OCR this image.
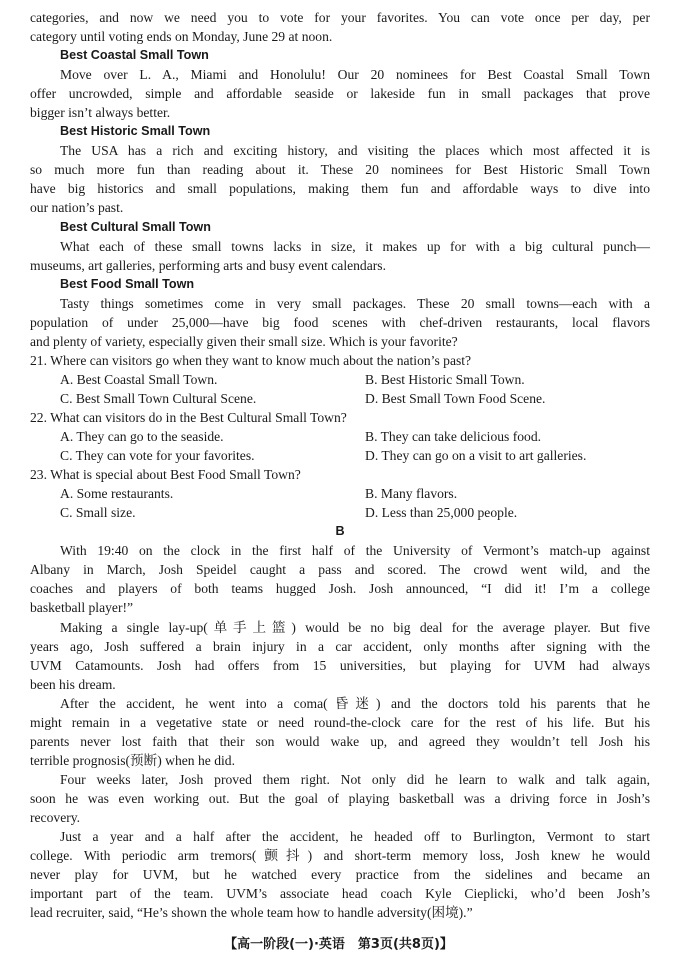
categories, and now we need you to vote for your favorites. You can vote once per day, per
category until voting ends on Monday, June 29 at noon.
Best Coastal Small Town
Move over L. A., Miami and Honolulu! Our 20 nominees for Best Coastal Small Town
offer uncrowded, simple and affordable seaside or lakeside fun in small packages that prove
bigger isn’t always better.
Best Historic Small Town
The USA has a rich and exciting history, and visiting the places which most affected it is
so much more fun than reading about it. These 20 nominees for Best Historic Small Town
have big historics and small populations, making them fun and affordable ways to dive into
our nation’s past.
Best Cultural Small Town
What each of these small towns lacks in size, it makes up for with a big cultural punch—
museums, art galleries, performing arts and busy event calendars.
Best Food Small Town
Tasty things sometimes come in very small packages. These 20 small towns—each with a
population of under 25,000—have big food scenes with chef-driven restaurants, local flavors
and plenty of variety, especially given their small size. Which is your favorite?
21. Where can visitors go when they want to know much about the nation’s past?
A. Best Coastal Small Town.	B. Best Historic Small Town.
C. Best Small Town Cultural Scene.	D. Best Small Town Food Scene.
22. What can visitors do in the Best Cultural Small Town?
A. They can go to the seaside.	B. They can take delicious food.
C. They can vote for your favorites.	D. They can go on a visit to art galleries.
23. What is special about Best Food Small Town?
A. Some restaurants.	B. Many flavors.
C. Small size.	D. Less than 25,000 people.
B
With 19:40 on the clock in the first half of the University of Vermont’s match-up against
Albany in March, Josh Speidel caught a pass and scored. The crowd went wild, and the
coaches and players of both teams hugged Josh. Josh announced, “I did it! I’m a college
basketball player!”
Making a single lay-up(单手上篮) would be no big deal for the average player. But five
years ago, Josh suffered a brain injury in a car accident, only months after signing with the
UVM Catamounts. Josh had offers from 15 universities, but playing for UVM had always
been his dream.
After the accident, he went into a coma(昏迷) and the doctors told his parents that he
might remain in a vegetative state or need round-the-clock care for the rest of his life. But his
parents never lost faith that their son would wake up, and agreed they wouldn’t tell Josh his
terrible prognosis(预断) when he did.
Four weeks later, Josh proved them right. Not only did he learn to walk and talk again,
soon he was even working out. But the goal of playing basketball was a driving force in Josh’s
recovery.
Just a year and a half after the accident, he headed off to Burlington, Vermont to start
college. With periodic arm tremors(颤抖) and short-term memory loss, Josh knew he would
never play for UVM, but he watched every practice from the sidelines and became an
important part of the team. UVM’s associate head coach Kyle Cieplicki, who’d been Josh’s
lead recruiter, said, “He’s shown the whole team how to handle adversity(困境).”
【高一阶段(一)·英语　第3页(共8页)】
